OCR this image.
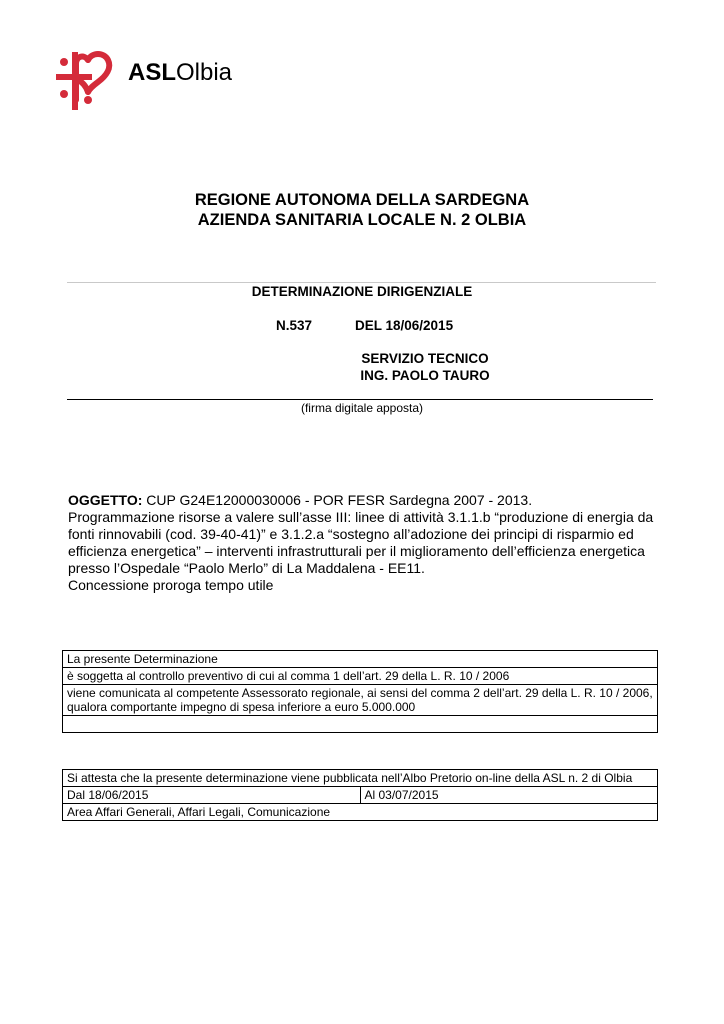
ASLOlbia
REGIONE AUTONOMA DELLA SARDEGNA
AZIENDA SANITARIA LOCALE N. 2 OLBIA
DETERMINAZIONE DIRIGENZIALE
N.537	DEL 18/06/2015
SERVIZIO TECNICO
ING. PAOLO TAURO
(firma digitale apposta)

OGGETTO: CUP G24E12000030006 - POR FESR Sardegna 2007 - 2013.

Programmazione risorse a valere sull’asse III: linee di attività 3.1.1.b “produzione di energia da fonti rinnovabili (cod. 39-40-41)” e 3.1.2.a “sostegno all’adozione dei principi di risparmio ed efficienza energetica” – interventi infrastrutturali per il miglioramento dell’efficienza energetica presso l’Ospedale “Paolo Merlo” di La Maddalena - EE11.

Concessione proroga tempo utile

La presente Determinazione
è soggetta al controllo preventivo di cui al comma 1 dell’art. 29 della L. R. 10 / 2006
viene comunicata al competente Assessorato regionale, ai sensi del comma 2 dell’art. 29 della L. R. 10 / 2006, qualora comportante impegno di spesa inferiore a euro 5.000.000

Si attesta che la presente determinazione viene pubblicata nell’Albo Pretorio on-line della ASL n. 2 di Olbia
Dal 18/06/2015	Al 03/07/2015
Area Affari Generali, Affari Legali, Comunicazione
